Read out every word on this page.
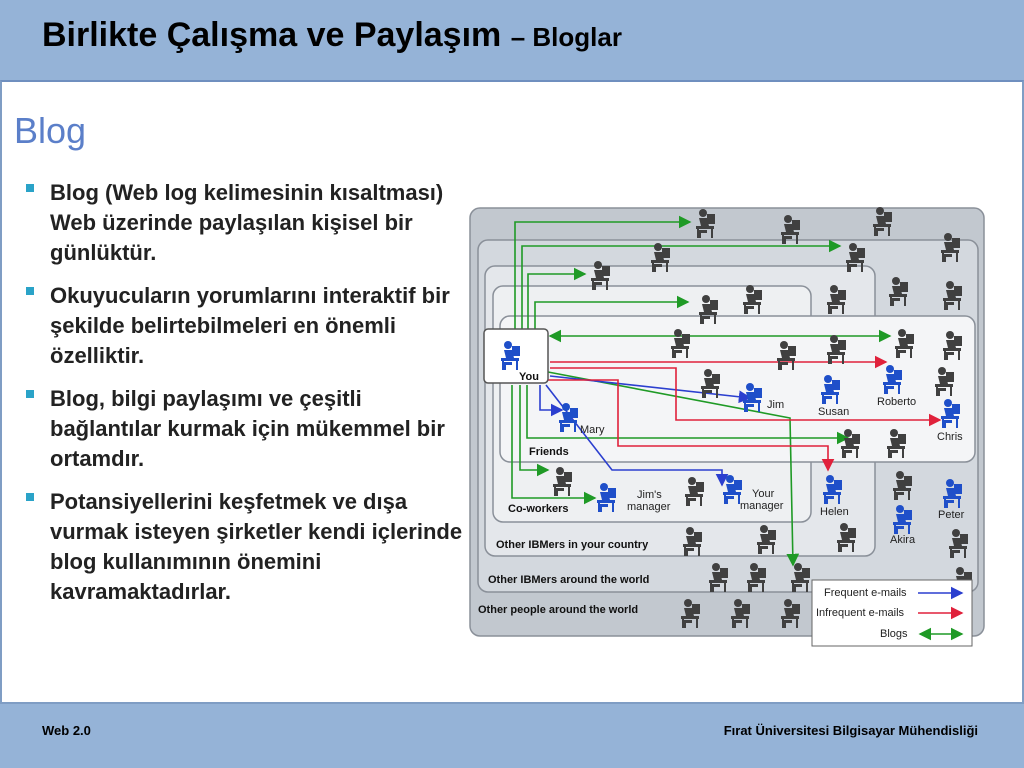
Birlikte Çalışma ve Paylaşım – Bloglar
Blog
Blog (Web log kelimesinin kısaltması) Web üzerinde paylaşılan kişisel bir günlüktür.
Okuyucuların yorumlarını interaktif bir şekilde belirtebilmeleri en önemli özelliktir.
Blog, bilgi paylaşımı ve çeşitli bağlantılar kurmak için mükemmel bir ortamdır.
Potansiyellerini keşfetmek ve dışa vurmak isteyen şirketler kendi içlerinde blog kullanımının önemini kavramaktadırlar.
Friends
Co-workers
Other IBMers in your country
Other IBMers around the world
Other people around the world
You
Mary
Jim
Susan
Roberto
Chris
Jim's
manager
Your
manager	Helen	Peter
Akira
Frequent e-mails
Infrequent e-mails
Blogs
Web 2.0	Fırat Üniversitesi Bilgisayar Mühendisliği
